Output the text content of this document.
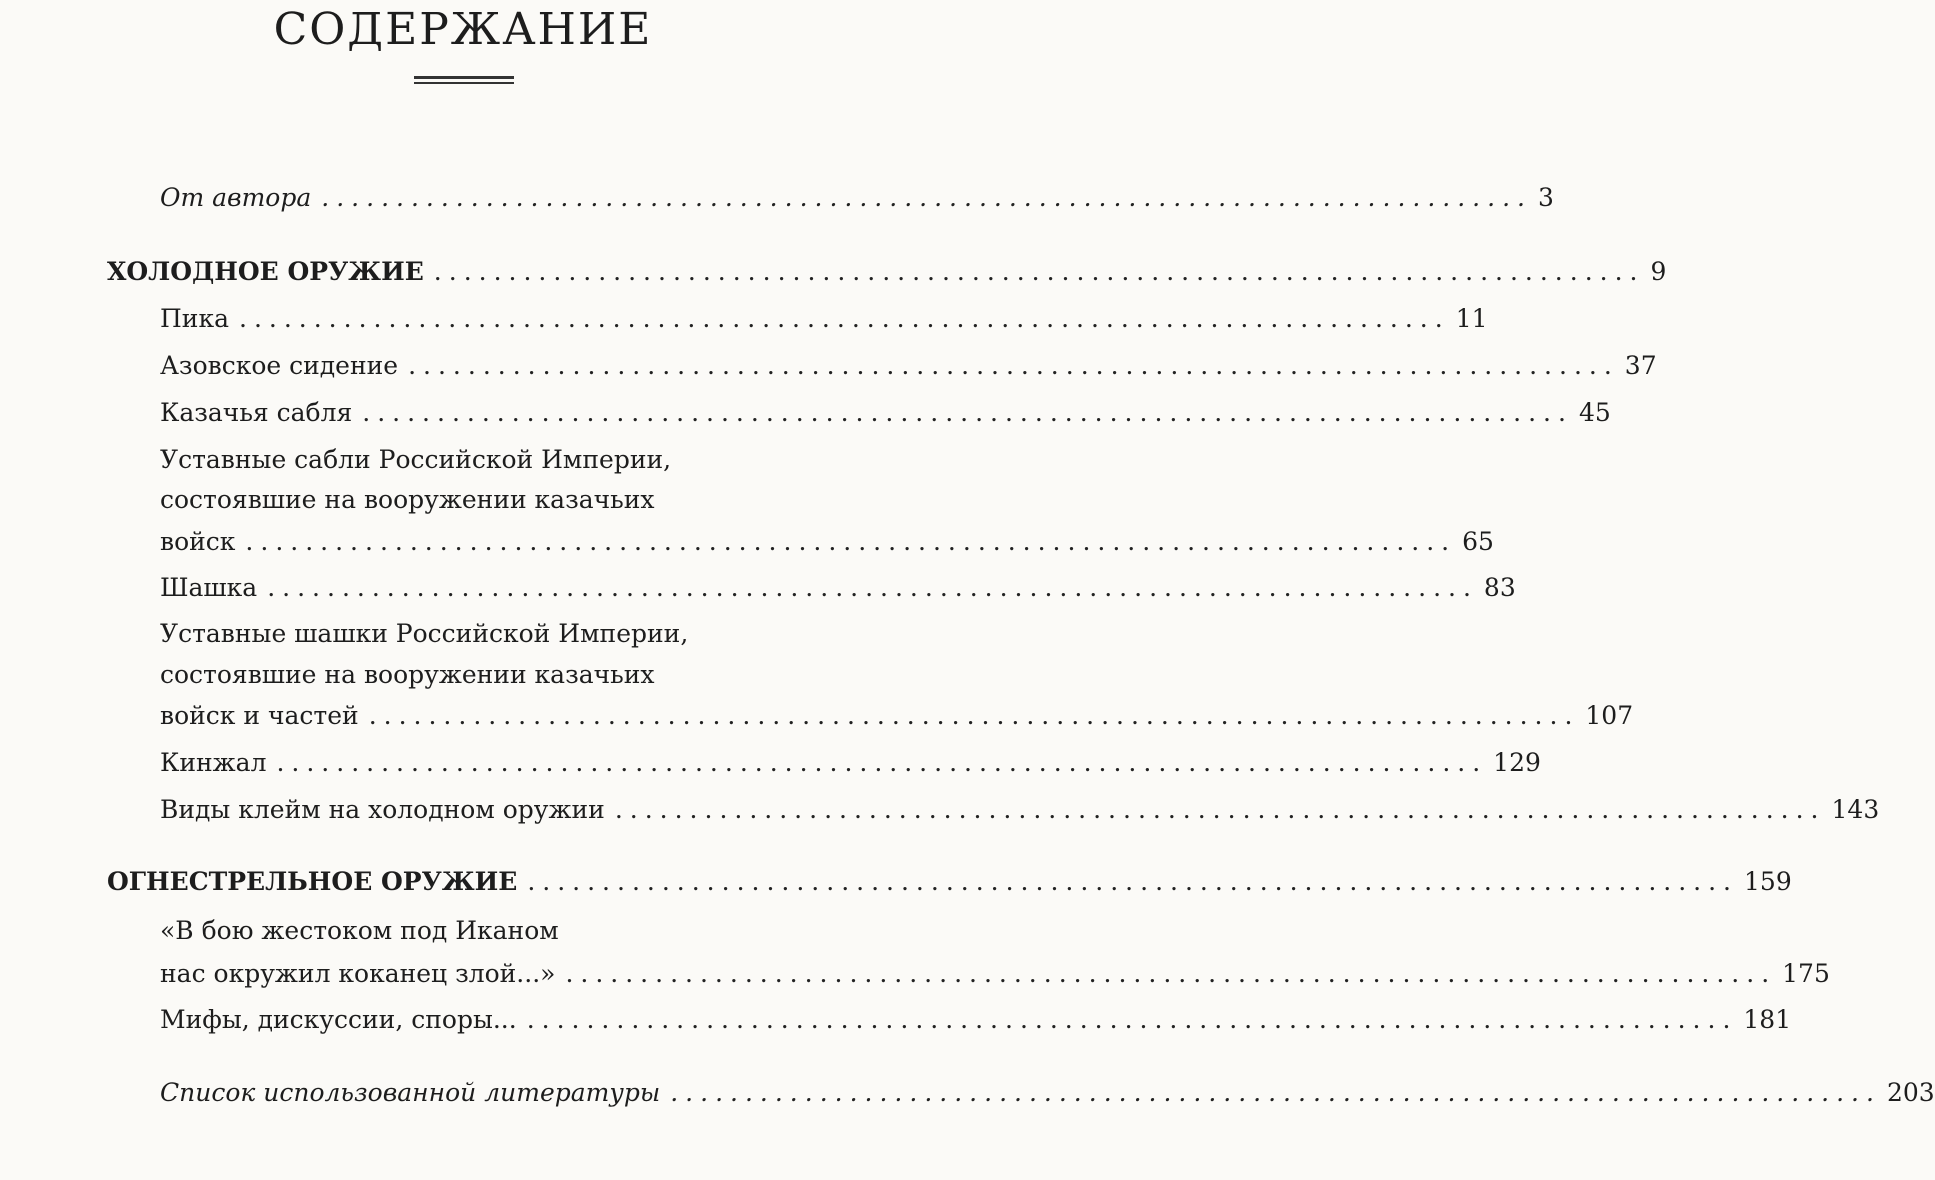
СОДЕРЖАНИЕ
От автора ................................................................................. 3
ХОЛОДНОЕ ОРУЖИЕ ................................................................................. 9
Пика ................................................................................. 11
Азовское сидение ................................................................................. 37
Казачья сабля ................................................................................. 45
Уставные сабли Российской Империи,
состоявшие на вооружении казачьих
войск ................................................................................. 65
Шашка ................................................................................. 83
Уставные шашки Российской Империи,
состоявшие на вооружении казачьих
войск и частей ................................................................................. 107
Кинжал ................................................................................. 129
Виды клейм на холодном оружии ................................................................................. 143
ОГНЕСТРЕЛЬНОЕ ОРУЖИЕ ................................................................................. 159
«В бою жестоком под Иканом
нас окружил коканец злой...» ................................................................................. 175
Мифы, дискуссии, споры... ................................................................................. 181
Список использованной литературы ................................................................................. 203
